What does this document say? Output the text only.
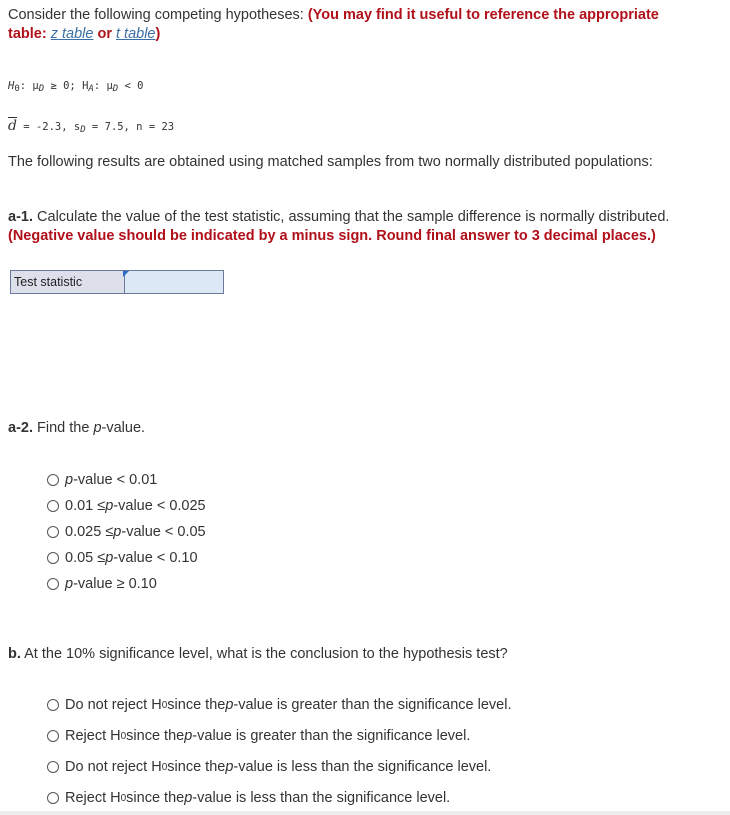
Consider the following competing hypotheses: (You may find it useful to reference the appropriate
table: z table or t table)
H0: μD ≥ 0; HA: μD < 0
$\overline{d} = -2.3$, sD = 7.5, n = 23
The following results are obtained using matched samples from two normally distributed populations:
a-1. Calculate the value of the test statistic, assuming that the sample difference is normally distributed.
(Negative value should be indicated by a minus sign. Round final answer to 3 decimal places.)
Test statistic
a-2. Find the p-value.
p -value < 0.01
0.01 ≤ p -value < 0.025
0.025 ≤ p -value < 0.05
0.05 ≤ p -value < 0.10
p -value ≥ 0.10
b. At the 10% significance level, what is the conclusion to the hypothesis test?
Do not reject H 0 since the p -value is greater than the significance level.
Reject H 0 since the p -value is greater than the significance level.
Do not reject H 0 since the p -value is less than the significance level.
Reject H 0 since the p -value is less than the significance level.
